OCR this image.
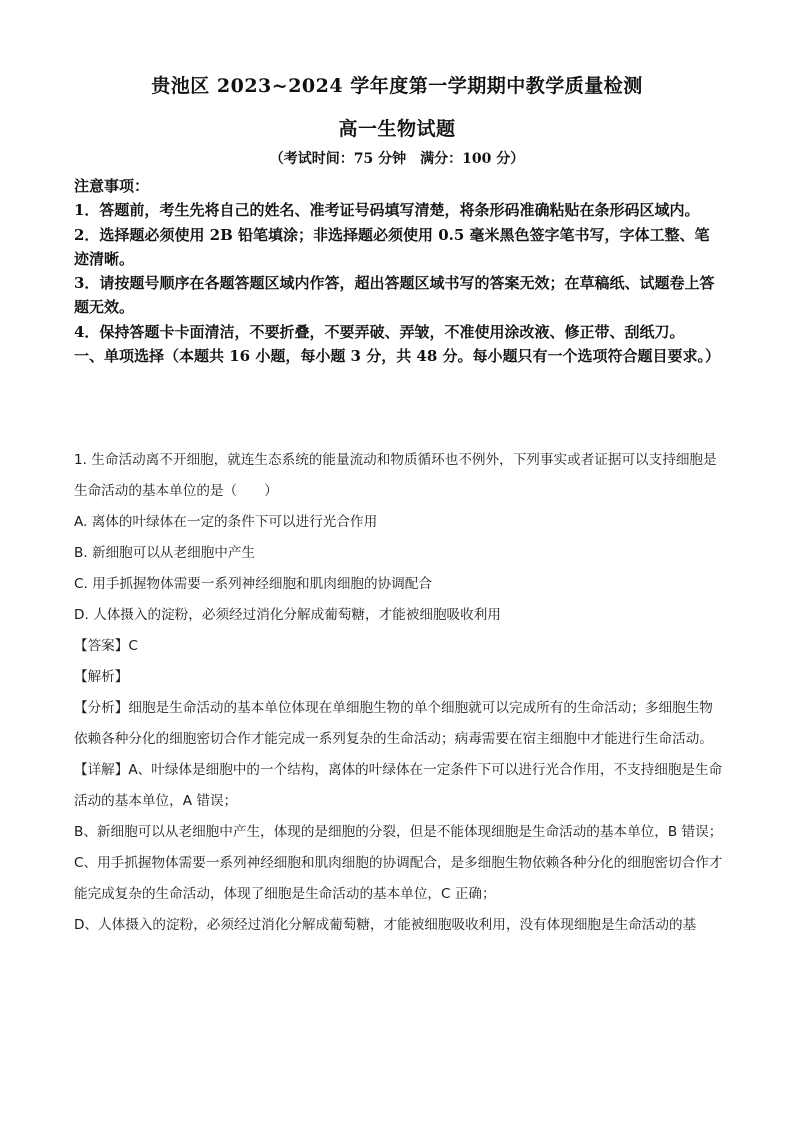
贵池区 2023~2024 学年度第一学期期中教学质量检测
高一生物试题
（考试时间：75 分钟　满分：100 分）

注意事项：

1．答题前，考生先将自己的姓名、准考证号码填写清楚，将条形码准确粘贴在条形码区域内。

2．选择题必须使用 2B 铅笔填涂；非选择题必须使用 0.5 毫米黑色签字笔书写，字体工整、笔迹清晰。

3．请按题号顺序在各题答题区域内作答，超出答题区域书写的答案无效；在草稿纸、试题卷上答题无效。

4．保持答题卡卡面清洁，不要折叠，不要弄破、弄皱，不准使用涂改液、修正带、刮纸刀。

一、单项选择（本题共 16 小题，每小题 3 分，共 48 分。每小题只有一个选项符合题目要求。）

1. 生命活动离不开细胞，就连生态系统的能量流动和物质循环也不例外，下列事实或者证据可以支持细胞是生命活动的基本单位的是（　　）

A. 离体的叶绿体在一定的条件下可以进行光合作用

B. 新细胞可以从老细胞中产生

C. 用手抓握物体需要一系列神经细胞和肌肉细胞的协调配合

D. 人体摄入的淀粉，必须经过消化分解成葡萄糖，才能被细胞吸收利用

【答案】C

【解析】

【分析】细胞是生命活动的基本单位体现在单细胞生物的单个细胞就可以完成所有的生命活动；多细胞生物依赖各种分化的细胞密切合作才能完成一系列复杂的生命活动；病毒需要在宿主细胞中才能进行生命活动。

【详解】A、叶绿体是细胞中的一个结构，离体的叶绿体在一定条件下可以进行光合作用，不支持细胞是生命活动的基本单位，A 错误；

B、新细胞可以从老细胞中产生，体现的是细胞的分裂，但是不能体现细胞是生命活动的基本单位，B 错误；

C、用手抓握物体需要一系列神经细胞和肌肉细胞的协调配合，是多细胞生物依赖各种分化的细胞密切合作才能完成复杂的生命活动，体现了细胞是生命活动的基本单位，C 正确；

D、人体摄入的淀粉，必须经过消化分解成葡萄糖，才能被细胞吸收利用，没有体现细胞是生命活动的基
